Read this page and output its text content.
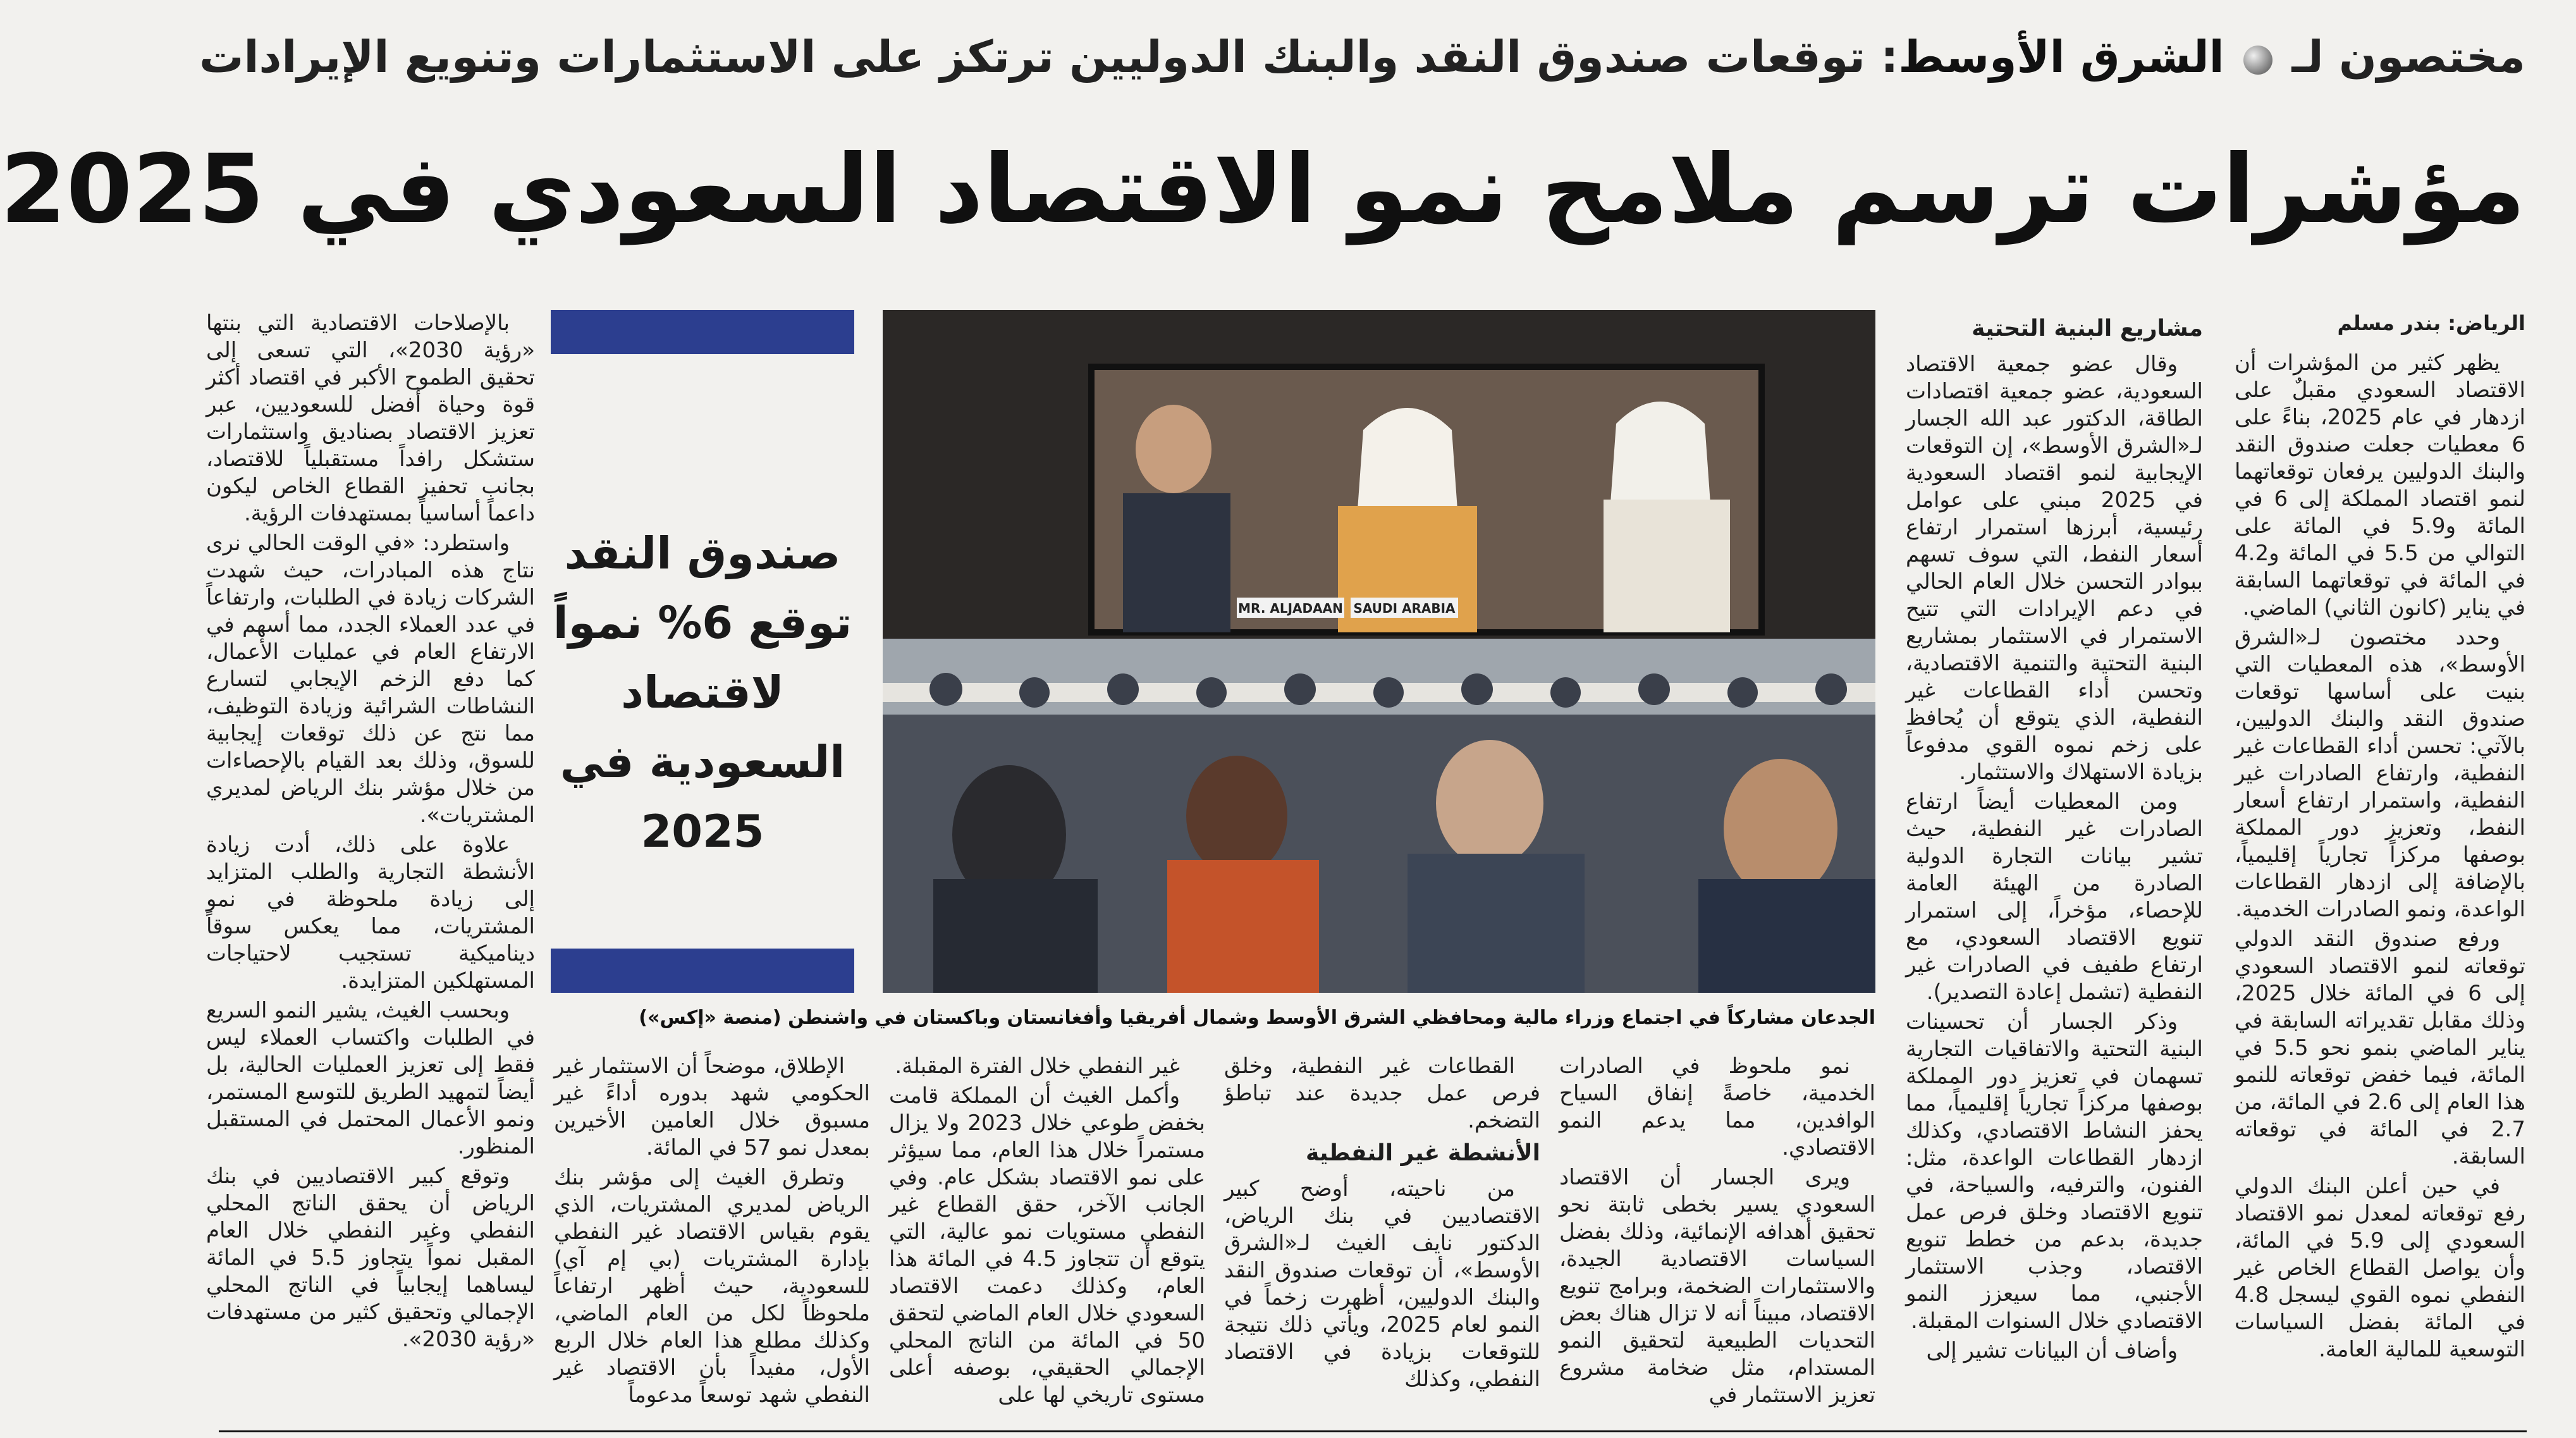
مختصون لـ  الشرق الأوسط: توقعات صندوق النقد والبنك الدوليين ترتكز على الاستثمارات وتنويع الإيرادات
مؤشرات ترسم ملامح نمو الاقتصاد السعودي في 2025

الرياض: بندر مسلم

يظهر كثير من المؤشرات أن الاقتصاد السعودي مقبلٌ على ازدهار في عام 2025، بناءً على 6 معطيات جعلت صندوق النقد والبنك الدوليين يرفعان توقعاتهما لنمو اقتصاد المملكة إلى 6 في المائة و5.9 في المائة على التوالي من 5.5 في المائة و4.2 في المائة في توقعاتهما السابقة في يناير (كانون الثاني) الماضي.

وحدد مختصون لـ«الشرق الأوسط»، هذه المعطيات التي بنيت على أساسها توقعات صندوق النقد والبنك الدوليين، بالآتي: تحسن أداء القطاعات غير النفطية، وارتفاع الصادرات غير النفطية، واستمرار ارتفاع أسعار النفط، وتعزيز دور المملكة بوصفها مركزاً تجارياً إقليمياً، بالإضافة إلى ازدهار القطاعات الواعدة، ونمو الصادرات الخدمية.

ورفع صندوق النقد الدولي توقعاته لنمو الاقتصاد السعودي إلى 6 في المائة خلال 2025، وذلك مقابل تقديراته السابقة في يناير الماضي بنمو نحو 5.5 في المائة، فيما خفض توقعاته للنمو هذا العام إلى 2.6 في المائة، من 2.7 في المائة في توقعاته السابقة.

في حين أعلن البنك الدولي رفع توقعاته لمعدل نمو الاقتصاد السعودي إلى 5.9 في المائة، وأن يواصل القطاع الخاص غير النفطي نموه القوي ليسجل 4.8 في المائة بفضل السياسات التوسعية للمالية العامة.

مشاريع البنية التحتية

وقال عضو جمعية الاقتصاد السعودية، عضو جمعية اقتصادات الطاقة، الدكتور عبد الله الجسار لـ«الشرق الأوسط»، إن التوقعات الإيجابية لنمو اقتصاد السعودية في 2025 مبني على عوامل رئيسية، أبرزها استمرار ارتفاع أسعار النفط، التي سوف تسهم ببوادر التحسن خلال العام الحالي في دعم الإيرادات التي تتيح الاستمرار في الاستثمار بمشاريع البنية التحتية والتنمية الاقتصادية، وتحسن أداء القطاعات غير النفطية، الذي يتوقع أن يُحافظ على زخم نموه القوي مدفوعاً بزيادة الاستهلاك والاستثمار.

ومن المعطيات أيضاً ارتفاع الصادرات غير النفطية، حيث تشير بيانات التجارة الدولية الصادرة من الهيئة العامة للإحصاء، مؤخراً، إلى استمرار تنويع الاقتصاد السعودي، مع ارتفاع طفيف في الصادرات غير النفطية (تشمل إعادة التصدير).

وذكر الجسار أن تحسينات البنية التحتية والاتفاقيات التجارية تسهمان في تعزيز دور المملكة بوصفها مركزاً تجارياً إقليمياً، مما يحفز النشاط الاقتصادي، وكذلك ازدهار القطاعات الواعدة، مثل: الفنون، والترفيه، والسياحة، في تنويع الاقتصاد وخلق فرص عمل جديدة، بدعم من خطط تنويع الاقتصاد، وجذب الاستثمار الأجنبي، مما سيعزز النمو الاقتصادي خلال السنوات المقبلة.

وأضاف أن البيانات تشير إلى

MR. ALJADAAN SAUDI ARABIA
الجدعان مشاركاً في اجتماع وزراء مالية ومحافظي الشرق الأوسط وشمال أفريقيا وأفغانستان وباكستان في واشنطن (منصة «إكس»)
صندوق النقد توقع 6% نمواً لاقتصاد السعودية في 2025

نمو ملحوظ في الصادرات الخدمية، خاصةً إنفاق السياح الوافدين، مما يدعم النمو الاقتصادي.

ويرى الجسار أن الاقتصاد السعودي يسير بخطى ثابتة نحو تحقيق أهدافه الإنمائية، وذلك بفضل السياسات الاقتصادية الجيدة، والاستثمارات الضخمة، وبرامج تنويع الاقتصاد، مبيناً أنه لا تزال هناك بعض التحديات الطبيعية لتحقيق النمو المستدام، مثل ضخامة مشروع تعزيز الاستثمار في

القطاعات غير النفطية، وخلق فرص عمل جديدة عند تباطؤ التضخم.

الأنشطة غير النفطية

من ناحيته، أوضح كبير الاقتصاديين في بنك الرياض، الدكتور نايف الغيث لـ«الشرق الأوسط»، أن توقعات صندوق النقد والبنك الدوليين، أظهرت زخماً في النمو لعام 2025، ويأتي ذلك نتيجة للتوقعات بزيادة في الاقتصاد النفطي، وكذلك

غير النفطي خلال الفترة المقبلة.

وأكمل الغيث أن المملكة قامت بخفض طوعي خلال 2023 ولا يزال مستمراً خلال هذا العام، مما سيؤثر على نمو الاقتصاد بشكل عام. وفي الجانب الآخر، حقق القطاع غير النفطي مستويات نمو عالية، التي يتوقع أن تتجاوز 4.5 في المائة هذا العام، وكذلك دعمت الاقتصاد السعودي خلال العام الماضي لتحقق 50 في المائة من الناتج المحلي الإجمالي الحقيقي، بوصفه أعلى مستوى تاريخي لها على

الإطلاق، موضحاً أن الاستثمار غير الحكومي شهد بدوره أداءً غير مسبوق خلال العامين الأخيرين بمعدل نمو 57 في المائة.

وتطرق الغيث إلى مؤشر بنك الرياض لمديري المشتريات، الذي يقوم بقياس الاقتصاد غير النفطي بإدارة المشتريات (بي إم آي) للسعودية، حيث أظهر ارتفاعاً ملحوظاً لكل من العام الماضي، وكذلك مطلع هذا العام خلال الربع الأول، مفيداً بأن الاقتصاد غير النفطي شهد توسعاً مدعوماً

بالإصلاحات الاقتصادية التي بنتها «رؤية 2030»، التي تسعى إلى تحقيق الطموح الأكبر في اقتصاد أكثر قوة وحياة أفضل للسعوديين، عبر تعزيز الاقتصاد بصناديق واستثمارات ستشكل رافداً مستقبلياً للاقتصاد، بجانب تحفيز القطاع الخاص ليكون داعماً أساسياً بمستهدفات الرؤية.

واستطرد: «في الوقت الحالي نرى نتاج هذه المبادرات، حيث شهدت الشركات زيادة في الطلبات، وارتفاعاً في عدد العملاء الجدد، مما أسهم في الارتفاع العام في عمليات الأعمال، كما دفع الزخم الإيجابي لتسارع النشاطات الشرائية وزيادة التوظيف، مما نتج عن ذلك توقعات إيجابية للسوق، وذلك بعد القيام بالإحصاءات من خلال مؤشر بنك الرياض لمديري المشتريات».

علاوة على ذلك، أدت زيادة الأنشطة التجارية والطلب المتزايد إلى زيادة ملحوظة في نمو المشتريات، مما يعكس سوقاً ديناميكية تستجيب لاحتياجات المستهلكين المتزايدة.

وبحسب الغيث، يشير النمو السريع في الطلبات واكتساب العملاء ليس فقط إلى تعزيز العمليات الحالية، بل أيضاً لتمهيد الطريق للتوسع المستمر، ونمو الأعمال المحتمل في المستقبل المنظور.

وتوقع كبير الاقتصاديين في بنك الرياض أن يحقق الناتج المحلي النفطي وغير النفطي خلال العام المقبل نمواً يتجاوز 5.5 في المائة ليساهما إيجابياً في الناتج المحلي الإجمالي وتحقيق كثير من مستهدفات «رؤية 2030».
